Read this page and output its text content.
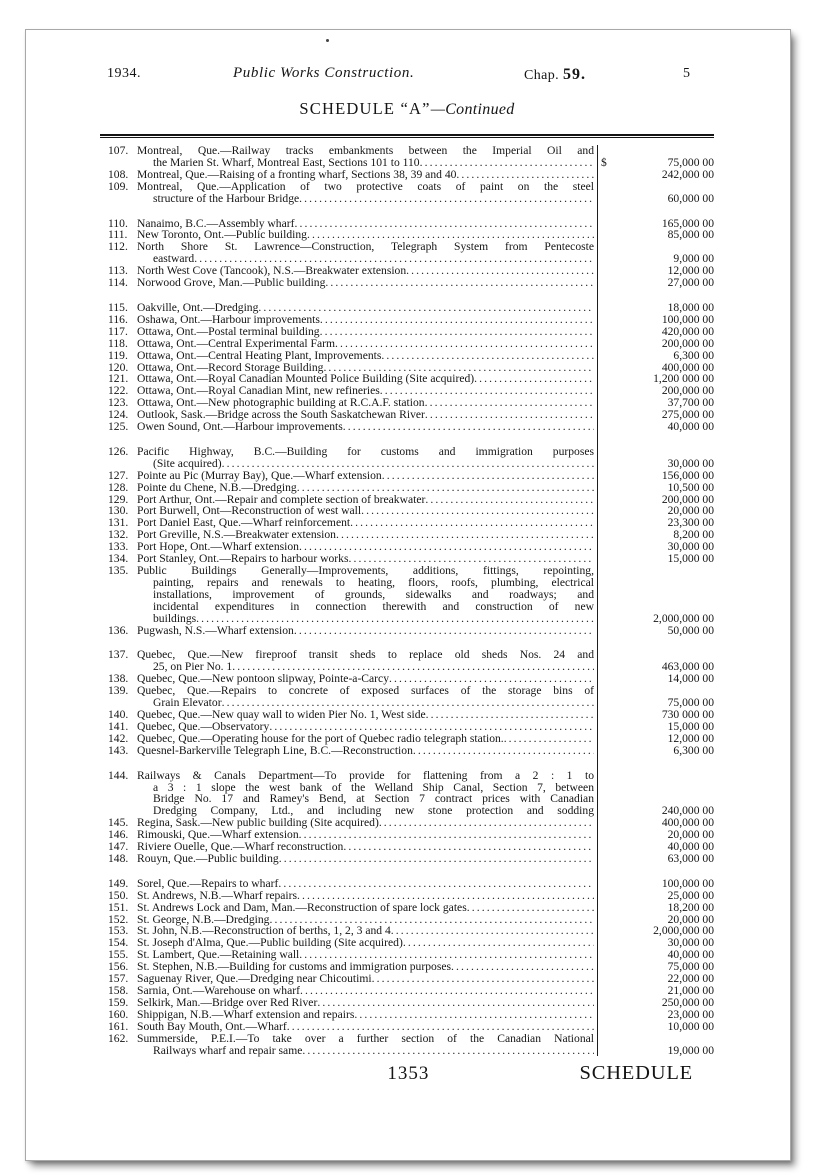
1934.	Public Works Construction.	Chap. 59.	5
SCHEDULE “A”—Continued
107. Montreal, Que.—Railway tracks embankments between the Imperial Oil and
the Marien St. Wharf, Montreal East, Sections 101 to 110 .....	$	75,000 00
108. Montreal, Que.—Raising of a fronting wharf, Sections 38, 39 and 40 .....	242,000 00
109. Montreal, Que.—Application of two protective coats of paint on the steel
structure of the Harbour Bridge .....	60,000 00
110. Nanaimo, B.C.—Assembly wharf .....	165,000 00
111. New Toronto, Ont.—Public building .....	85,000 00
112. North Shore St. Lawrence—Construction, Telegraph System from Pentecoste
eastward .....	9,000 00
113. North West Cove (Tancook), N.S.—Breakwater extension .....	12,000 00
114. Norwood Grove, Man.—Public building .....	27,000 00
115. Oakville, Ont.—Dredging .....	18,000 00
116. Oshawa, Ont.—Harbour improvements .....	100,000 00
117. Ottawa, Ont.—Postal terminal building .....	420,000 00
118. Ottawa, Ont.—Central Experimental Farm .....	200,000 00
119. Ottawa, Ont.—Central Heating Plant, Improvements .....	6,300 00
120. Ottawa, Ont.—Record Storage Building .....	400,000 00
121. Ottawa, Ont.—Royal Canadian Mounted Police Building (Site acquired) .....	1,200 000 00
122. Ottawa, Ont.—Royal Canadian Mint, new refineries .....	200,000 00
123. Ottawa, Ont.—New photographic building at R.C.A.F. station .....	37,700 00
124. Outlook, Sask.—Bridge across the South Saskatchewan River .....	275,000 00
125. Owen Sound, Ont.—Harbour improvements .....	40,000 00
126. Pacific Highway, B.C.—Building for customs and immigration purposes
(Site acquired) .....	30,000 00
127. Pointe au Pic (Murray Bay), Que.—Wharf extension .....	156,000 00
128. Pointe du Chene, N.B.—Dredging .....	10,500 00
129. Port Arthur, Ont.—Repair and complete section of breakwater .....	200,000 00
130. Port Burwell, Ont—Reconstruction of west wall .....	20,000 00
131. Port Daniel East, Que.—Wharf reinforcement .....	23,300 00
132. Port Greville, N.S.—Breakwater extension .....	8,200 00
133. Port Hope, Ont.—Wharf extension .....	30,000 00
134. Port Stanley, Ont.—Repairs to harbour works .....	15,000 00
135. Public Buildings Generally—Improvements, additions, fittings, repointing,
painting, repairs and renewals to heating, floors, roofs, plumbing, electrical
installations, improvement of grounds, sidewalks and roadways; and
incidental expenditures in connection therewith and construction of new
buildings .....	2,000,000 00
136. Pugwash, N.S.—Wharf extension .....	50,000 00
137. Quebec, Que.—New fireproof transit sheds to replace old sheds Nos. 24 and
25, on Pier No. 1 .....	463,000 00
138. Quebec, Que.—New pontoon slipway, Pointe-a-Carcy .....	14,000 00
139. Quebec, Que.—Repairs to concrete of exposed surfaces of the storage bins of
Grain Elevator .....	75,000 00
140. Quebec, Que.—New quay wall to widen Pier No. 1, West side .....	730 000 00
141. Quebec, Que.—Observatory .....	15,000 00
142. Quebec, Que.—Operating house for the port of Quebec radio telegraph station. .....	12,000 00
143. Quesnel-Barkerville Telegraph Line, B.C.—Reconstruction .....	6,300 00
144. Railways & Canals Department—To provide for flattening from a 2 : 1 to
a 3 : 1 slope the west bank of the Welland Ship Canal, Section 7, between
Bridge No. 17 and Ramey's Bend, at Section 7 contract prices with Canadian
Dredging Company, Ltd., and including new stone protection and sodding	240,000 00
145. Regina, Sask.—New public building (Site acquired) .....	400,000 00
146. Rimouski, Que.—Wharf extension .....	20,000 00
147. Riviere Ouelle, Que.—Wharf reconstruction .....	40,000 00
148. Rouyn, Que.—Public building .....	63,000 00
149. Sorel, Que.—Repairs to wharf .....	100,000 00
150. St. Andrews, N.B.—Wharf repairs .....	25,000 00
151. St. Andrews Lock and Dam, Man.—Reconstruction of spare lock gates .....	18,200 00
152. St. George, N.B.—Dredging .....	20,000 00
153. St. John, N.B.—Reconstruction of berths, 1, 2, 3 and 4 .....	2,000,000 00
154. St. Joseph d'Alma, Que.—Public building (Site acquired) .....	30,000 00
155. St. Lambert, Que.—Retaining wall .....	40,000 00
156. St. Stephen, N.B.—Building for customs and immigration purposes .....	75,000 00
157. Saguenay River, Que.—Dredging near Chicoutimi .....	22,000 00
158. Sarnia, Ont.—Warehouse on wharf .....	21,000 00
159. Selkirk, Man.—Bridge over Red River .....	250,000 00
160. Shippigan, N.B.—Wharf extension and repairs .....	23,000 00
161. South Bay Mouth, Ont.—Wharf .....	10,000 00
162. Summerside, P.E.I.—To take over a further section of the Canadian National
Railways wharf and repair same .....	19,000 00
1353	SCHEDULE
